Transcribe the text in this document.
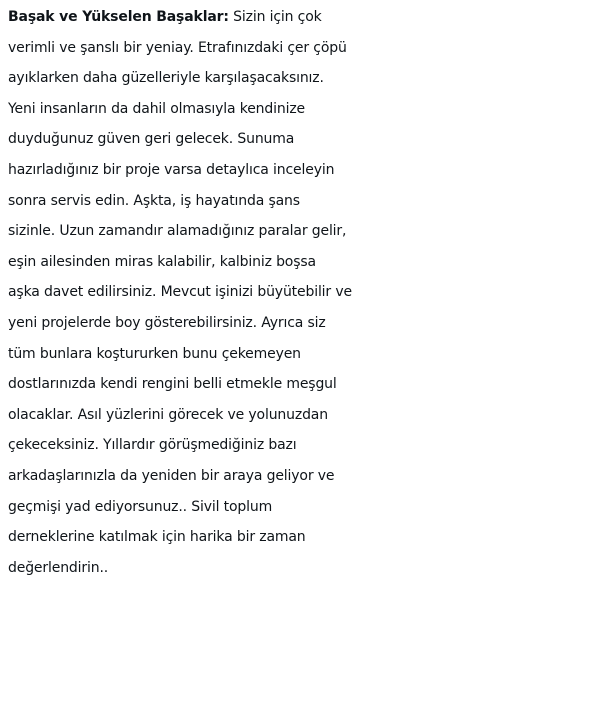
Başak ve Yükselen Başaklar: Sizin için çok
verimli ve şanslı bir yeniay. Etrafınızdaki çer çöpü
ayıklarken daha güzelleriyle karşılaşacaksınız.
Yeni insanların da dahil olmasıyla kendinize
duyduğunuz güven geri gelecek. Sunuma
hazırladığınız bir proje varsa detaylıca inceleyin
sonra servis edin. Aşkta, iş hayatında şans
sizinle. Uzun zamandır alamadığınız paralar gelir,
eşin ailesinden miras kalabilir, kalbiniz boşsa
aşka davet edilirsiniz. Mevcut işinizi büyütebilir ve
yeni projelerde boy gösterebilirsiniz. Ayrıca siz
tüm bunlara koştururken bunu çekemeyen
dostlarınızda kendi rengini belli etmekle meşgul
olacaklar. Asıl yüzlerini görecek ve yolunuzdan
çekeceksiniz. Yıllardır görüşmediğiniz bazı
arkadaşlarınızla da yeniden bir araya geliyor ve
geçmişi yad ediyorsunuz.. Sivil toplum
derneklerine katılmak için harika bir zaman
değerlendirin..
